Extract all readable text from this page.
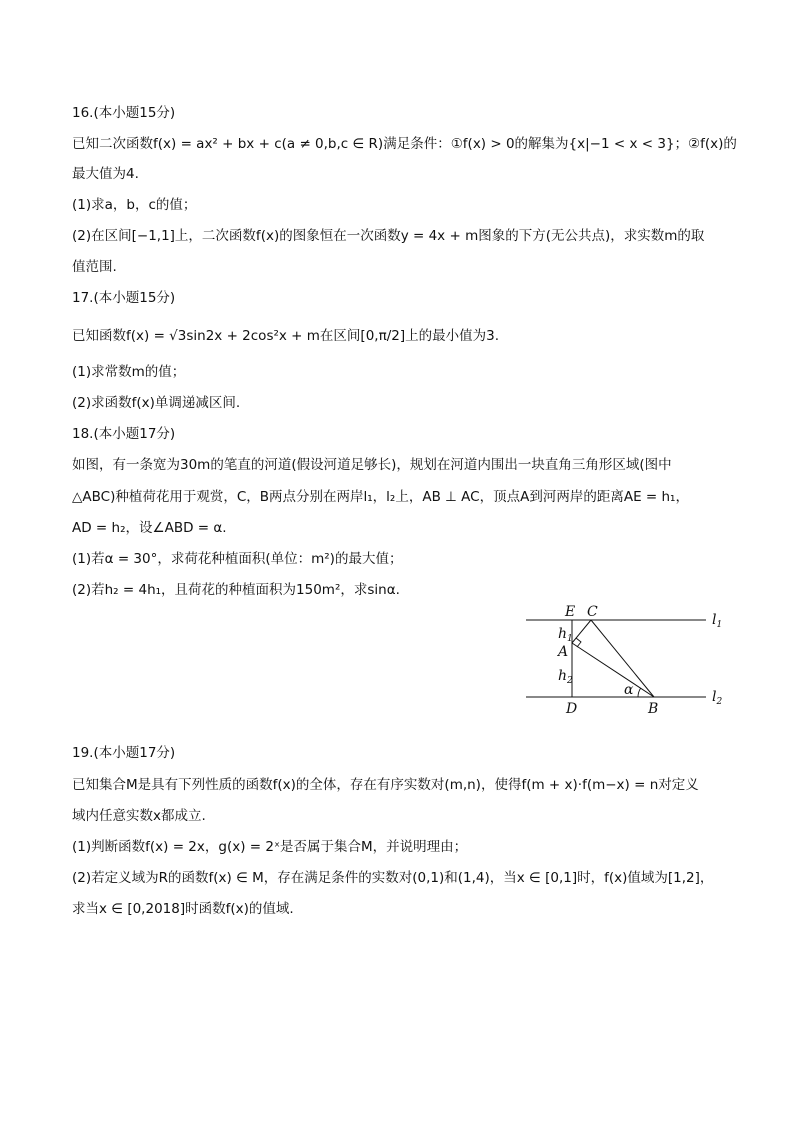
16.(本小题15分)
已知二次函数f(x) = ax² + bx + c(a ≠ 0,b,c ∈ R)满足条件：①f(x) > 0的解集为{x|−1 < x < 3}；②f(x)的
最大值为4.
(1)求a，b，c的值；
(2)在区间[−1,1]上，二次函数f(x)的图象恒在一次函数y = 4x + m图象的下方(无公共点)，求实数m的取
值范围.
17.(本小题15分)
已知函数f(x) = √3sin2x + 2cos²x + m在区间[0,π/2]上的最小值为3.
(1)求常数m的值；
(2)求函数f(x)单调递减区间.
18.(本小题17分)
如图，有一条宽为30m的笔直的河道(假设河道足够长)，规划在河道内围出一块直角三角形区域(图中
△ABC)种植荷花用于观赏，C，B两点分别在两岸l₁，l₂上，AB ⊥ AC，顶点A到河两岸的距离AE = h₁，
AD = h₂，设∠ABD = α.
(1)若α = 30°，求荷花种植面积(单位：m²)的最大值；
(2)若h₂ = 4h₁，且荷花的种植面积为150m²，求sinα.
E C
A
D	B
α
$h_1$
$h_2$
$l_1$
$l_2$
19.(本小题17分)
已知集合M是具有下列性质的函数f(x)的全体，存在有序实数对(m,n)，使得f(m + x)·f(m−x) = n对定义
域内任意实数x都成立.
(1)判断函数f(x) = 2x，g(x) = 2ˣ是否属于集合M，并说明理由；
(2)若定义域为R的函数f(x) ∈ M，存在满足条件的实数对(0,1)和(1,4)，当x ∈ [0,1]时，f(x)值域为[1,2]，
求当x ∈ [0,2018]时函数f(x)的值域.
